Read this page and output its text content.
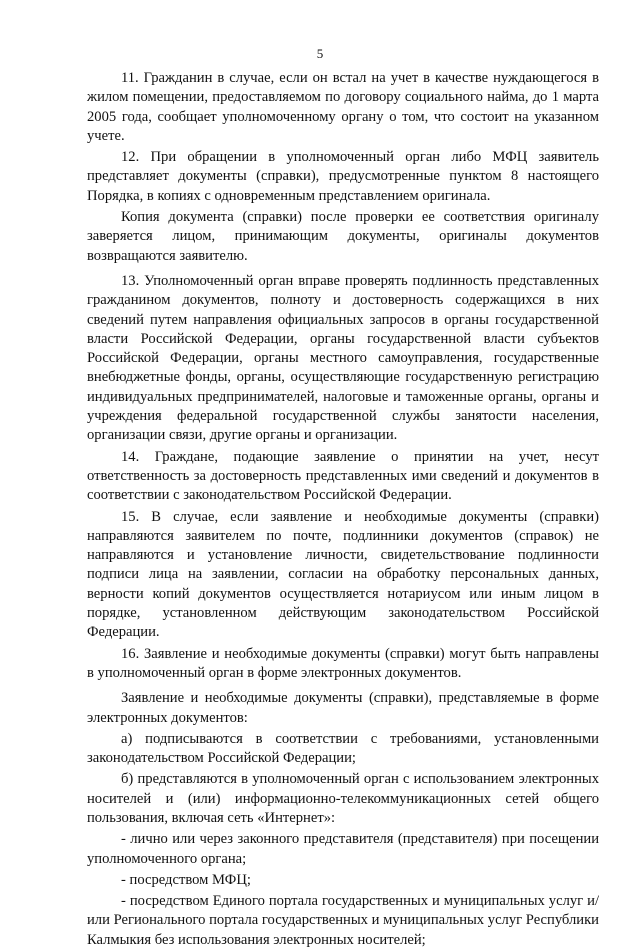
5

11. Гражданин в случае, если он встал на учет в качестве нуждающегося в жилом помещении, предоставляемом по договору социального найма, до 1 марта 2005 года, сообщает уполномоченному органу о том, что состоит на указанном учете.

12. При обращении в уполномоченный орган либо МФЦ заявитель представляет документы (справки), предусмотренные пунктом 8 настоящего Порядка, в копиях с одновременным представлением оригинала.

Копия документа (справки) после проверки ее соответствия оригиналу заверяется лицом, принимающим документы, оригиналы документов возвращаются заявителю.

13. Уполномоченный орган вправе проверять подлинность представленных гражданином документов, полноту и достоверность содержащихся в них сведений путем направления официальных запросов в органы государственной власти Российской Федерации, органы государственной власти субъектов Российской Федерации, органы местного самоуправления, государственные внебюджетные фонды, органы, осуществляющие государственную регистрацию индивидуальных предпринимателей, налоговые и таможенные органы, органы и учреждения федеральной государственной службы занятости населения, организации связи, другие органы и организации.

14. Граждане, подающие заявление о принятии на учет, несут ответственность за достоверность представленных ими сведений и документов в соответствии с законодательством Российской Федерации.

15. В случае, если заявление и необходимые документы (справки) направляются заявителем по почте, подлинники документов (справок) не направляются и установление личности, свидетельствование подлинности подписи лица на заявлении, согласии на обработку персональных данных, верности копий документов осуществляется нотариусом или иным лицом в порядке, установленном действующим законодательством Российской Федерации.

16. Заявление и необходимые документы (справки) могут быть направлены в уполномоченный орган в форме электронных документов.

Заявление и необходимые документы (справки), представляемые в форме электронных документов:

а) подписываются в соответствии с требованиями, установленными законодательством Российской Федерации;

б) представляются в уполномоченный орган с использованием электронных носителей и (или) информационно-телекоммуникационных сетей общего пользования, включая сеть «Интернет»:

- лично или через законного представителя (представителя) при посещении уполномоченного органа;

- посредством МФЦ;

- посредством Единого портала государственных и муниципальных услуг и/или Регионального портала государственных и муниципальных услуг Республики Калмыкия без использования электронных носителей;
